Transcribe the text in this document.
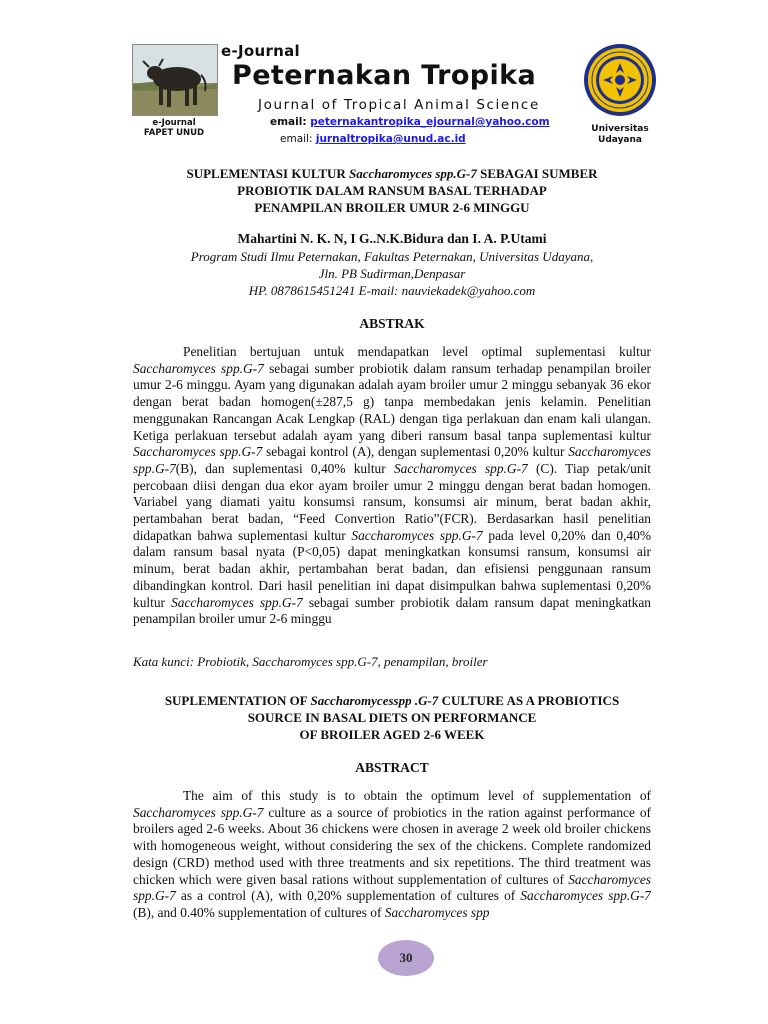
e-Journal
FAPET UNUD
e-Journal
Peternakan Tropika
Journal of Tropical Animal Science
email: peternakantropika_ejournal@yahoo.com
email: jurnaltropika@unud.ac.id
Universitas
Udayana
SUPLEMENTASI KULTUR Saccharomyces spp.G-7 SEBAGAI SUMBER
PROBIOTIK DALAM RANSUM BASAL TERHADAP
PENAMPILAN BROILER UMUR 2-6 MINGGU
Mahartini N. K. N, I G..N.K.Bidura dan I. A. P.Utami
Program Studi Ilmu Peternakan, Fakultas Peternakan, Universitas Udayana,
Jln. PB Sudirman,Denpasar
HP. 0878615451241 E-mail: nauviekadek@yahoo.com
ABSTRAK
Penelitian bertujuan untuk mendapatkan level optimal suplementasi kultur Saccharomyces spp.G-7 sebagai sumber probiotik dalam ransum terhadap penampilan broiler umur 2-6 minggu. Ayam yang digunakan adalah ayam broiler umur 2 minggu sebanyak 36 ekor dengan berat badan homogen(±287,5 g) tanpa membedakan jenis kelamin. Penelitian menggunakan Rancangan Acak Lengkap (RAL) dengan tiga perlakuan dan enam kali ulangan. Ketiga perlakuan tersebut adalah ayam yang diberi ransum basal tanpa suplementasi kultur Saccharomyces spp.G-7 sebagai kontrol (A), dengan suplementasi 0,20% kultur Saccharomyces spp.G-7(B), dan suplementasi 0,40% kultur Saccharomyces spp.G-7 (C). Tiap petak/unit percobaan diisi dengan dua ekor ayam broiler umur 2 minggu dengan berat badan homogen. Variabel yang diamati yaitu konsumsi ransum, konsumsi air minum, berat badan akhir, pertambahan berat badan, “Feed Convertion Ratio”(FCR). Berdasarkan hasil penelitian didapatkan bahwa suplementasi kultur Saccharomyces spp.G-7 pada level 0,20% dan 0,40% dalam ransum basal nyata (P<0,05) dapat meningkatkan konsumsi ransum, konsumsi air minum, berat badan akhir, pertambahan berat badan, dan efisiensi penggunaan ransum dibandingkan kontrol. Dari hasil penelitian ini dapat disimpulkan bahwa suplementasi 0,20% kultur Saccharomyces spp.G-7 sebagai sumber probiotik dalam ransum dapat meningkatkan penampilan broiler umur 2-6 minggu
Kata kunci: Probiotik, Saccharomyces spp.G-7, penampilan, broiler
SUPLEMENTATION OF Saccharomycesspp .G-7 CULTURE AS A PROBIOTICS
SOURCE IN BASAL DIETS ON PERFORMANCE
OF BROILER AGED 2-6 WEEK
ABSTRACT
The aim of this study is to obtain the optimum level of supplementation of Saccharomyces spp.G-7 culture as a source of probiotics in the ration against performance of broilers aged 2-6 weeks. About 36 chickens were chosen in average 2 week old broiler chickens with homogeneous weight, without considering the sex of the chickens. Complete randomized design (CRD) method used with three treatments and six repetitions. The third treatment was chicken which were given basal rations without supplementation of cultures of Saccharomyces spp.G-7 as a control (A), with 0,20% supplementation of cultures of Saccharomyces spp.G-7 (B), and 0.40% supplementation of cultures of Saccharomyces spp
30
